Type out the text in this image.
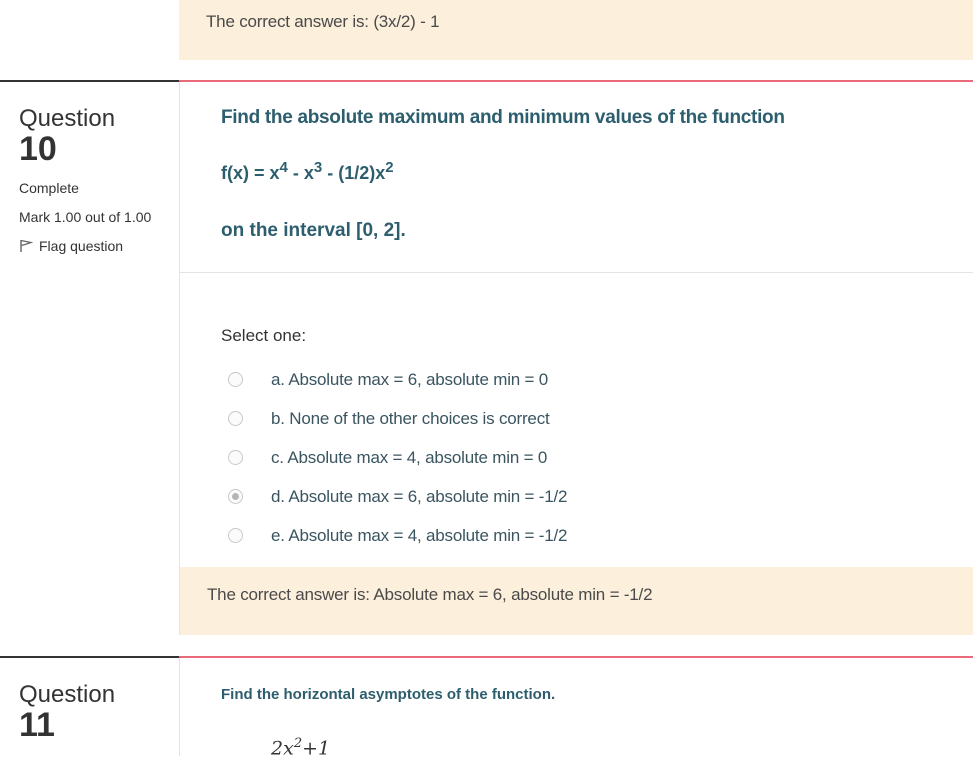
The correct answer is: (3x/2) - 1
Question
10
Complete
Mark 1.00 out of 1.00
Flag question
Find the absolute maximum and minimum values of the function
$f(x) = x^4 - x^3 - (1/2)x^2$
on the interval [0, 2].
Select one:
a. Absolute max = 6, absolute min = 0
b. None of the other choices is correct
c. Absolute max = 4, absolute min = 0
d. Absolute max = 6, absolute min = -1/2
e. Absolute max = 4, absolute min = -1/2
The correct answer is: Absolute max = 6, absolute min = -1/2
Question
11
Find the horizontal asymptotes of the function.
$2x^2+1$
